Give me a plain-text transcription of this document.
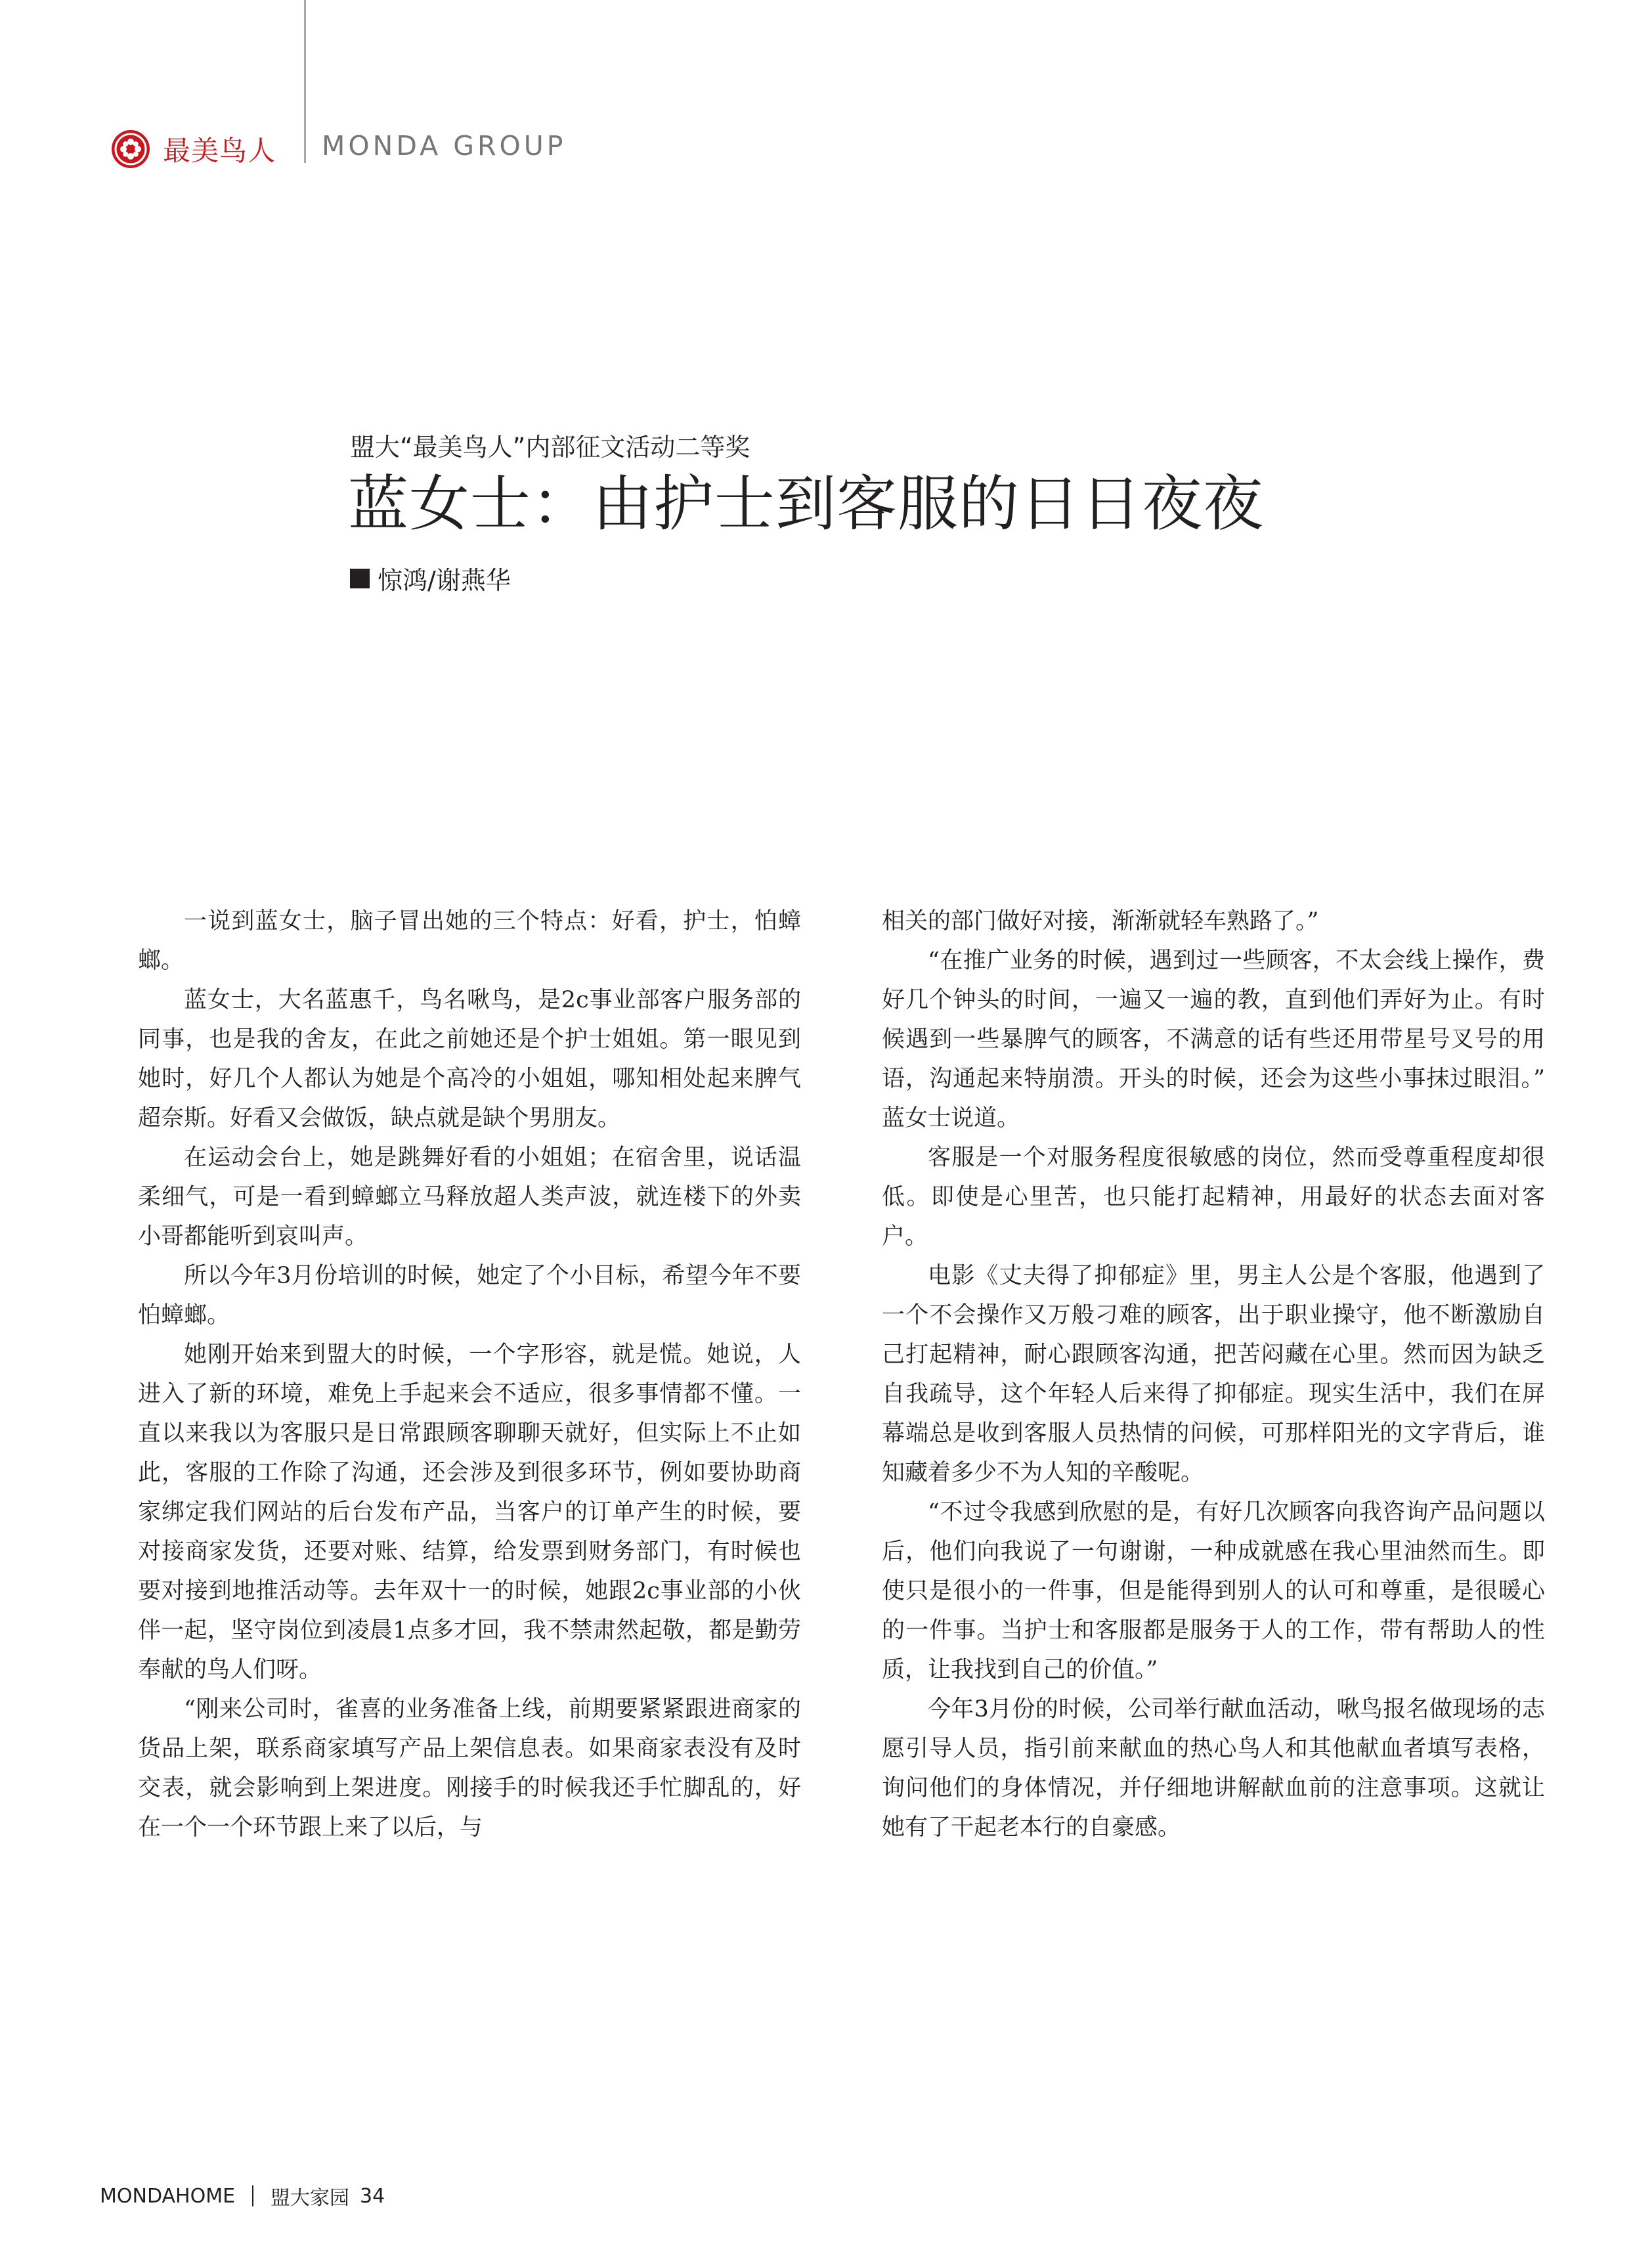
最美鸟人 MONDA GROUP
盟大“最美鸟人”内部征文活动二等奖
蓝女士：由护士到客服的日日夜夜
惊鸿/谢燕华

一说到蓝女士，脑子冒出她的三个特点：好看，护士，怕蟑螂。

蓝女士，大名蓝惠千，鸟名啾鸟，是2c事业部客户服务部的同事，也是我的舍友，在此之前她还是个护士姐姐。第一眼见到她时，好几个人都认为她是个高冷的小姐姐，哪知相处起来脾气超奈斯。好看又会做饭，缺点就是缺个男朋友。

在运动会台上，她是跳舞好看的小姐姐；在宿舍里，说话温柔细气，可是一看到蟑螂立马释放超人类声波，就连楼下的外卖小哥都能听到哀叫声。

所以今年3月份培训的时候，她定了个小目标，希望今年不要怕蟑螂。

她刚开始来到盟大的时候，一个字形容，就是慌。她说，人进入了新的环境，难免上手起来会不适应，很多事情都不懂。一直以来我以为客服只是日常跟顾客聊聊天就好，但实际上不止如此，客服的工作除了沟通，还会涉及到很多环节，例如要协助商家绑定我们网站的后台发布产品，当客户的订单产生的时候，要对接商家发货，还要对账、结算，给发票到财务部门，有时候也要对接到地推活动等。去年双十一的时候，她跟2c事业部的小伙伴一起，坚守岗位到凌晨1点多才回，我不禁肃然起敬，都是勤劳奉献的鸟人们呀。

“刚来公司时，雀喜的业务准备上线，前期要紧紧跟进商家的货品上架，联系商家填写产品上架信息表。如果商家表没有及时交表，就会影响到上架进度。刚接手的时候我还手忙脚乱的，好在一个一个环节跟上来了以后，与

相关的部门做好对接，渐渐就轻车熟路了。”

“在推广业务的时候，遇到过一些顾客，不太会线上操作，费好几个钟头的时间，一遍又一遍的教，直到他们弄好为止。有时候遇到一些暴脾气的顾客，不满意的话有些还用带星号叉号的用语，沟通起来特崩溃。开头的时候，还会为这些小事抹过眼泪。” 蓝女士说道。

客服是一个对服务程度很敏感的岗位，然而受尊重程度却很低。即使是心里苦，也只能打起精神，用最好的状态去面对客户。

电影《丈夫得了抑郁症》里，男主人公是个客服，他遇到了一个不会操作又万般刁难的顾客，出于职业操守，他不断激励自己打起精神，耐心跟顾客沟通，把苦闷藏在心里。然而因为缺乏自我疏导，这个年轻人后来得了抑郁症。现实生活中，我们在屏幕端总是收到客服人员热情的问候，可那样阳光的文字背后，谁知藏着多少不为人知的辛酸呢。

“不过令我感到欣慰的是，有好几次顾客向我咨询产品问题以后，他们向我说了一句谢谢，一种成就感在我心里油然而生。即使只是很小的一件事，但是能得到别人的认可和尊重，是很暖心的一件事。当护士和客服都是服务于人的工作，带有帮助人的性质，让我找到自己的价值。”

今年3月份的时候，公司举行献血活动，啾鸟报名做现场的志愿引导人员，指引前来献血的热心鸟人和其他献血者填写表格，询问他们的身体情况，并仔细地讲解献血前的注意事项。这就让她有了干起老本行的自豪感。

MONDAHOME 盟大家园 34
